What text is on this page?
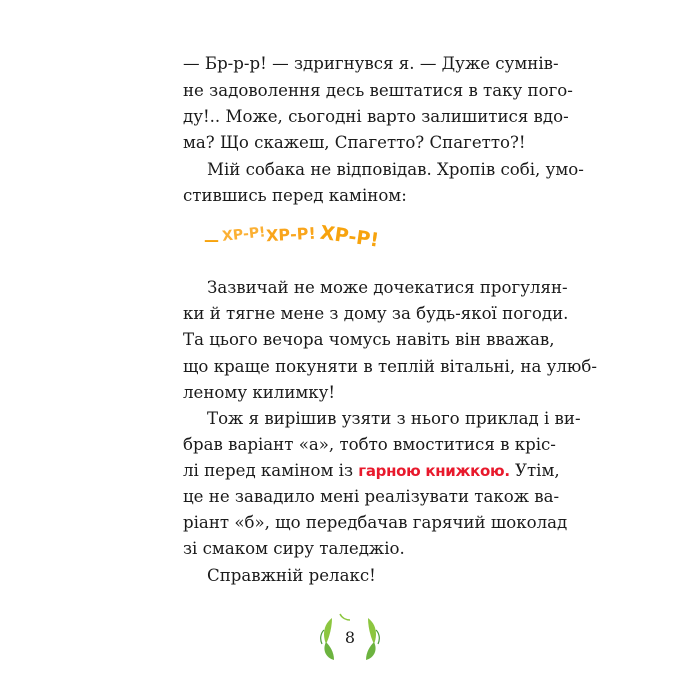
— Бр-р-р! — здригнувся я. — Дуже сумнів-
не задоволення десь вештатися в таку пого-
ду!.. Може, сьогодні варто залишитися вдо-
ма? Що скажеш, Спагетто? Спагетто?!
Мій собака не відповідав. Хропів собі, умо-
стившись перед каміном:
— ХР-Р! ХР-Р! ХР-Р!
Зазвичай не може дочекатися прогулян-
ки й тягне мене з дому за будь-якої погоди.
Та цього вечора чомусь навіть він вважав,
що краще покуняти в теплій вітальні, на улюб-
леному килимку!
Тож я вирішив узяти з нього приклад і ви-
брав варіант «а», тобто вмоститися в кріс-
лі перед каміном із гарною книжкою. Утім,
це не завадило мені реалізувати також ва-
ріант «б», що передбачав гарячий шоколад
зі смаком сиру таледжіо.
Справжній релакс!
8
